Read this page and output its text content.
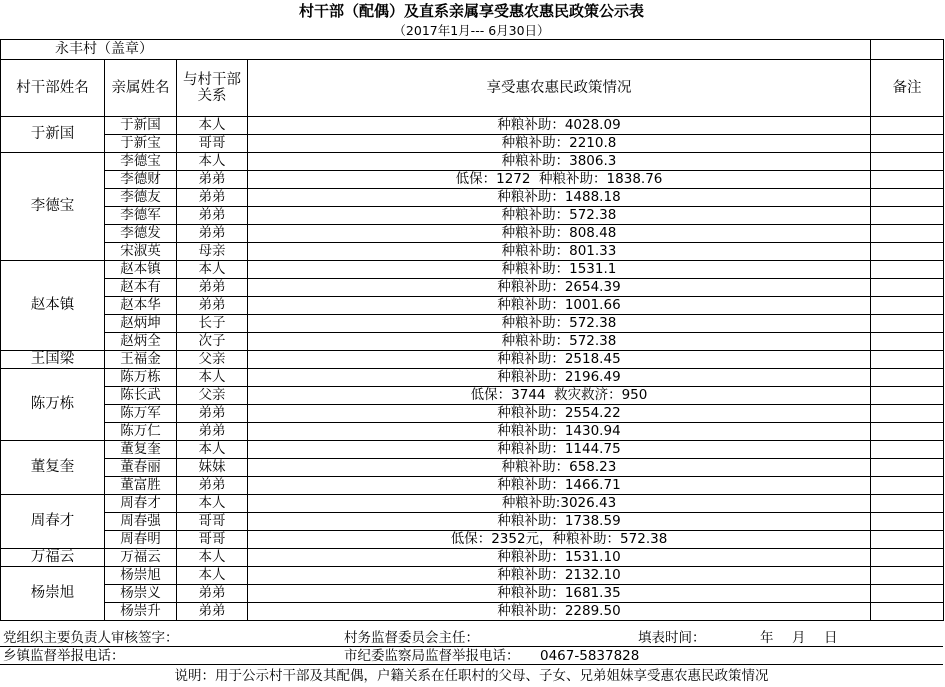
村干部（配偶）及直系亲属享受惠农惠民政策公示表
（2017年1月--- 6月30日）
永丰村（盖章）				
村干部姓名	亲属姓名	与村干部关系	享受惠农惠民政策情况	备注
于新国	于新国	本人	种粮补助：4028.09	
	于新宝	哥哥	种粮补助：2210.8	
李德宝	李德宝	本人	种粮补助：3806.3	
	李德财	弟弟	低保：1272  种粮补助：1838.76	
	李德友	弟弟	种粮补助：1488.18	
	李德军	弟弟	种粮补助：572.38	
	李德发	弟弟	种粮补助：808.48	
	宋淑英	母亲	种粮补助：801.33	
赵本镇	赵本镇	本人	种粮补助：1531.1	
	赵本有	弟弟	种粮补助：2654.39	
	赵本华	弟弟	种粮补助：1001.66	
	赵炳坤	长子	种粮补助：572.38	
	赵炳全	次子	种粮补助：572.38	
王国梁	王福金	父亲	种粮补助：2518.45	
陈万栋	陈万栋	本人	种粮补助：2196.49	
	陈长武	父亲	低保：3744  救灾救济：950	
	陈万军	弟弟	种粮补助：2554.22	
	陈万仁	弟弟	种粮补助：1430.94	
董复奎	董复奎	本人	种粮补助：1144.75	
	董春丽	妹妹	种粮补助：658.23	
	董富胜	弟弟	种粮补助：1466.71	
周春才	周春才	本人	种粮补助:3026.43	
	周春强	哥哥	种粮补助：1738.59	
	周春明	哥哥	低保：2352元，种粮补助：572.38	
万福云	万福云	本人	种粮补助：1531.10	
杨崇旭	杨崇旭	本人	种粮补助：2132.10	
	杨崇义	弟弟	种粮补助：1681.35	
	杨崇升	弟弟	种粮补助：2289.50	
党组织主要负责人审核签字：	村务监督委员会主任：	填表时间：	年 月 日
乡镇监督举报电话：	市纪委监察局监督举报电话： 0467-5837828
说明：用于公示村干部及其配偶，户籍关系在任职村的父母、子女、兄弟姐妹享受惠农惠民政策情况
